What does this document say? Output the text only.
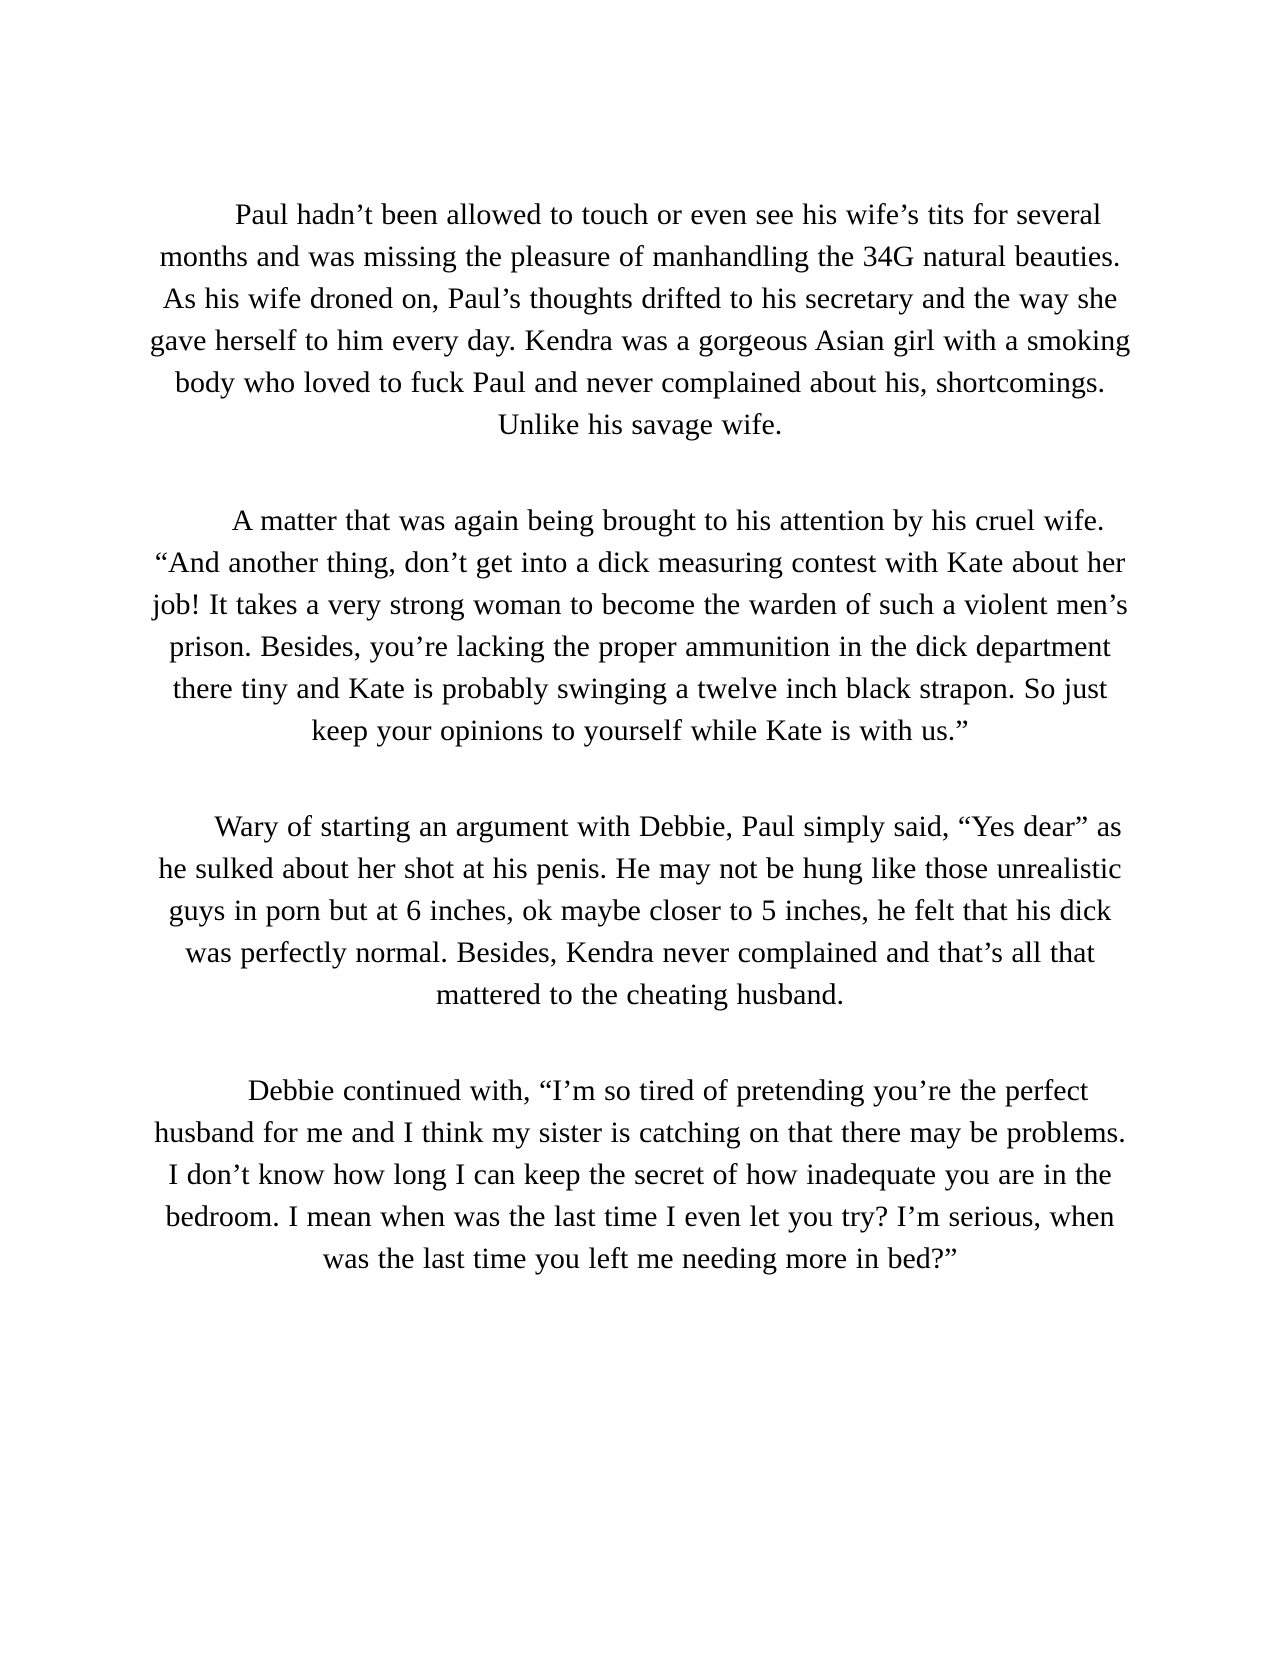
Paul hadn’t been allowed to touch or even see his wife’s tits for several months and was missing the pleasure of manhandling the 34G natural beauties. As his wife droned on, Paul’s thoughts drifted to his secretary and the way she gave herself to him every day. Kendra was a gorgeous Asian girl with a smoking body who loved to fuck Paul and never complained about his, shortcomings. Unlike his savage wife.

A matter that was again being brought to his attention by his cruel wife. “And another thing, don’t get into a dick measuring contest with Kate about her job! It takes a very strong woman to become the warden of such a violent men’s prison. Besides, you’re lacking the proper ammunition in the dick department there tiny and Kate is probably swinging a twelve inch black strapon. So just keep your opinions to yourself while Kate is with us.”

Wary of starting an argument with Debbie, Paul simply said, “Yes dear” as he sulked about her shot at his penis. He may not be hung like those unrealistic guys in porn but at 6 inches, ok maybe closer to 5 inches, he felt that his dick was perfectly normal. Besides, Kendra never complained and that’s all that mattered to the cheating husband.

Debbie continued with, “I’m so tired of pretending you’re the perfect husband for me and I think my sister is catching on that there may be problems. I don’t know how long I can keep the secret of how inadequate you are in the bedroom. I mean when was the last time I even let you try? I’m serious, when was the last time you left me needing more in bed?”
